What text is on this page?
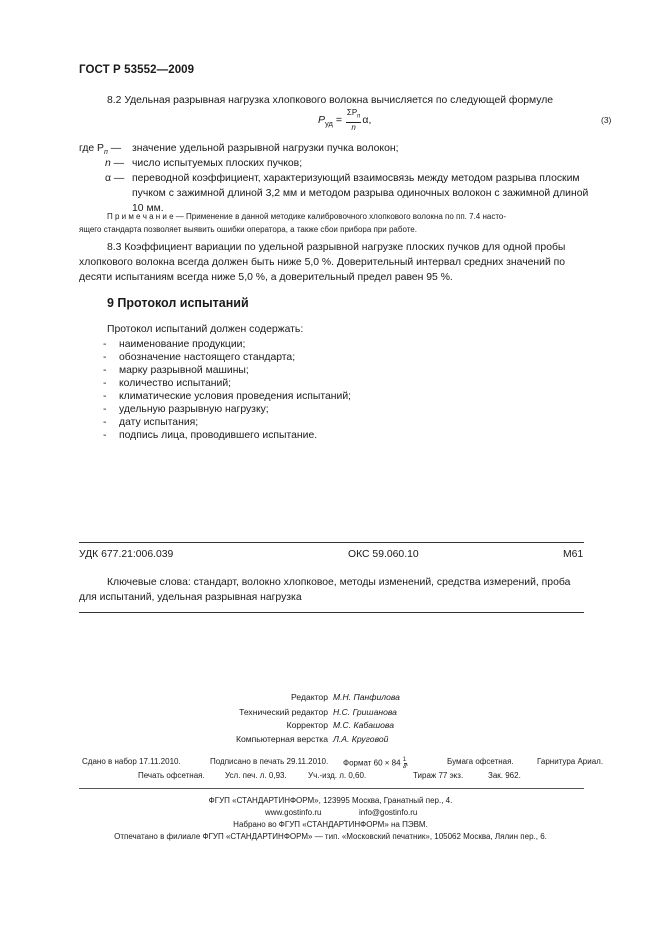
ГОСТ Р 53552—2009
8.2 Удельная разрывная нагрузка хлопкового волокна вычисляется по следующей формуле
$P_{уд} = \frac{\Sigma P_п}{n} \alpha$,	(3)
где $P_п$ — значение удельной разрывной нагрузки пучка волокон;
n — число испытуемых плоских пучков;
α — переводной коэффициент, характеризующий взаимосвязь между методом разрыва плоским
пучком с зажимной длиной 3,2 мм и методом разрыва одиночных волокон с зажимной длиной
10 мм.
П р и м е ч а н и е — Применение в данной методике калибровочного хлопкового волокна по пп. 7.4 насто-
ящего стандарта позволяет выявить ошибки оператора, а также сбои прибора при работе.
8.3 Коэффициент вариации по удельной разрывной нагрузке плоских пучков для одной пробы
хлопкового волокна всегда должен быть ниже 5,0 %. Доверительный интервал средних значений по
десяти испытаниям всегда ниже 5,0 %, а доверительный предел равен 95 %.
9 Протокол испытаний
Протокол испытаний должен содержать:
- наименование продукции;
- обозначение настоящего стандарта;
- марку разрывной машины;
- количество испытаний;
- климатические условия проведения испытаний;
- удельную разрывную нагрузку;
- дату испытания;
- подпись лица, проводившего испытание.
УДК 677.21:006.039	ОКС 59.060.10	М61
Ключевые слова: стандарт, волокно хлопковое, методы изменений, средства измерений, проба
для испытаний, удельная разрывная нагрузка
Редактор М.Н. Панфилова
Технический редактор Н.С. Гришанова
Корректор М.С. Кабашова
Компьютерная верстка Л.А. Круговой
Сдано в набор 17.11.2010.	Подписано в печать 29.11.2010. Формат $60 \times 84 \frac{1}{8}$ .	Бумага офсетная.	Гарнитура Ариал.
Печать офсетная.	Усл. печ. л. 0,93.	Уч.-изд. л. 0,60.	Тираж 77 экз.	Зак. 962.
ФГУП «СТАНДАРТИНФОРМ», 123995 Москва, Гранатный пер., 4.
www.gostinfo.ru	info@gostinfo.ru
Набрано во ФГУП «СТАНДАРТИНФОРМ» на ПЭВМ.
Отпечатано в филиале ФГУП «СТАНДАРТИНФОРМ» — тип. «Московский печатник», 105062 Москва, Лялин пер., 6.
